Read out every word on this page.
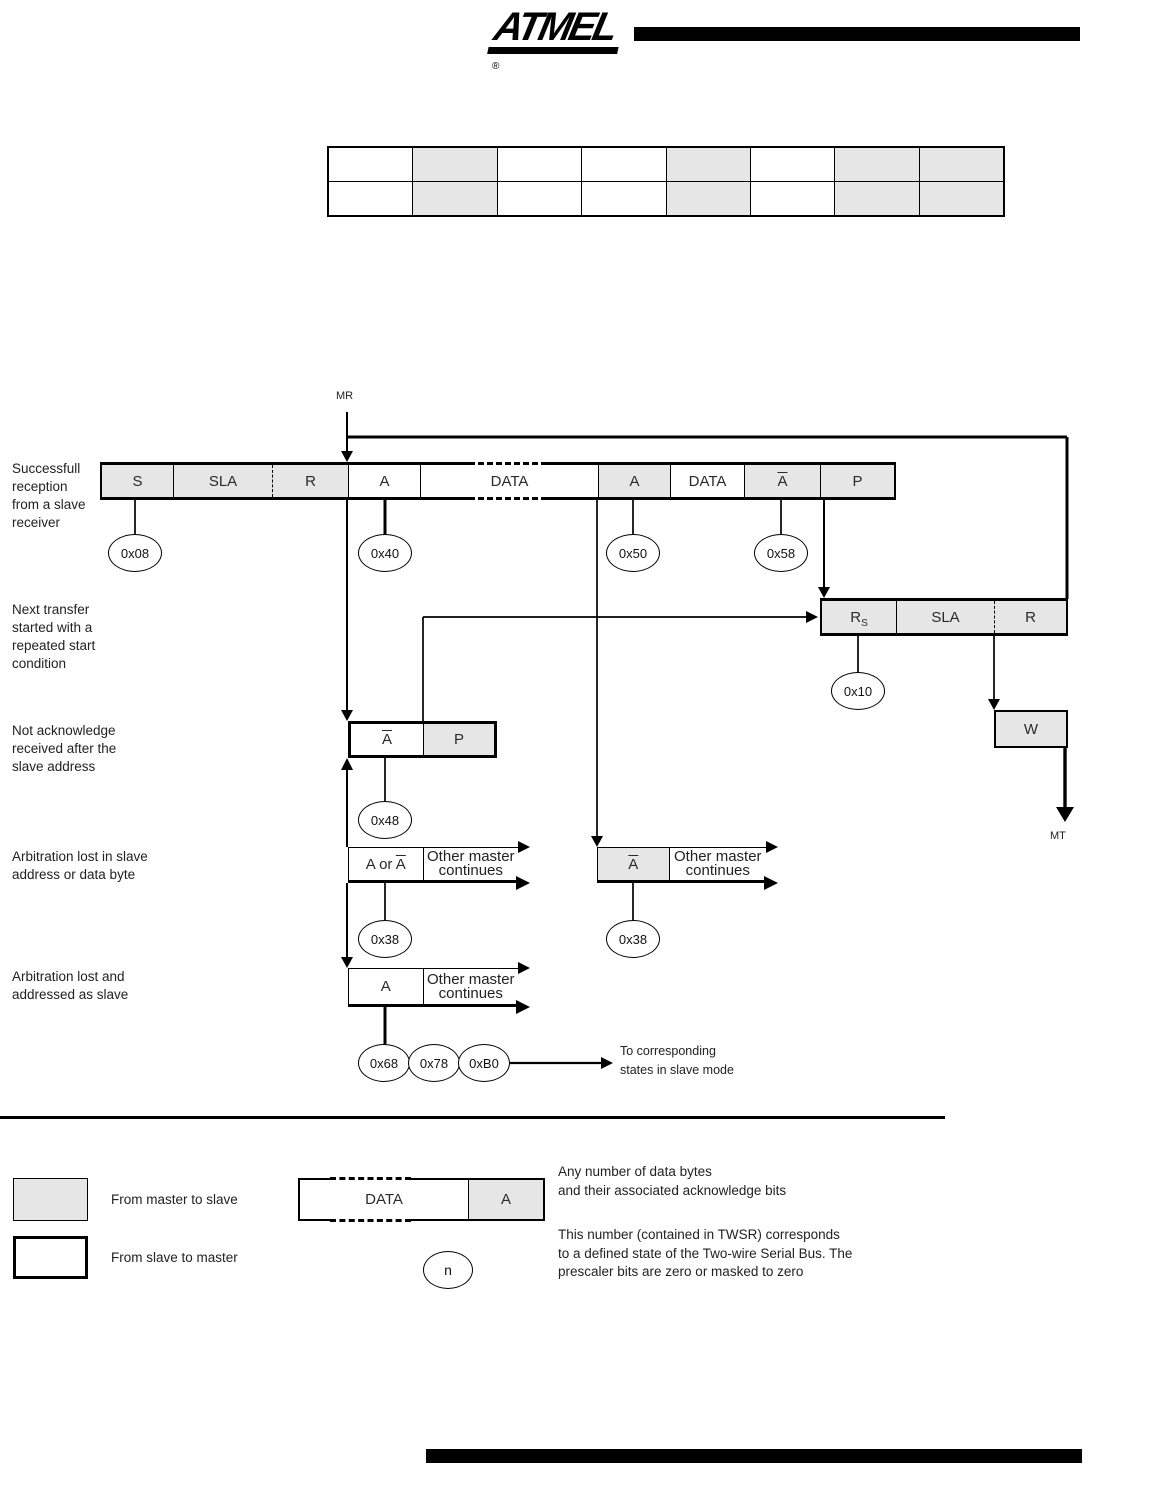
ATMEL®
MR
MT
Successfull
reception
from a slave
receiver
Next transfer
started with a
repeated start
condition
Not acknowledge
received after the
slave address
Arbitration lost in slave
address or data byte
Arbitration lost and
addressed as slave
S	SLA	R	A	DATA	A	DATA	$\overline{A}$	P
0x08	0x40	0x50	0x58
$R_S$	SLA	R
0x10
W
$\overline{A}$	P
0x48
A or $\overline{A}$ Other master
continues	$\overline{A}$ Other master
continues
0x38	0x38
A Other master
continues
0x68 0x78 0xB0
To corresponding
states in slave mode
From master to slave
From slave to master
DATA	A
Any number of data bytes
and their associated acknowledge bits
n
This number (contained in TWSR) corresponds
to a defined state of the Two-wire Serial Bus. The
prescaler bits are zero or masked to zero
